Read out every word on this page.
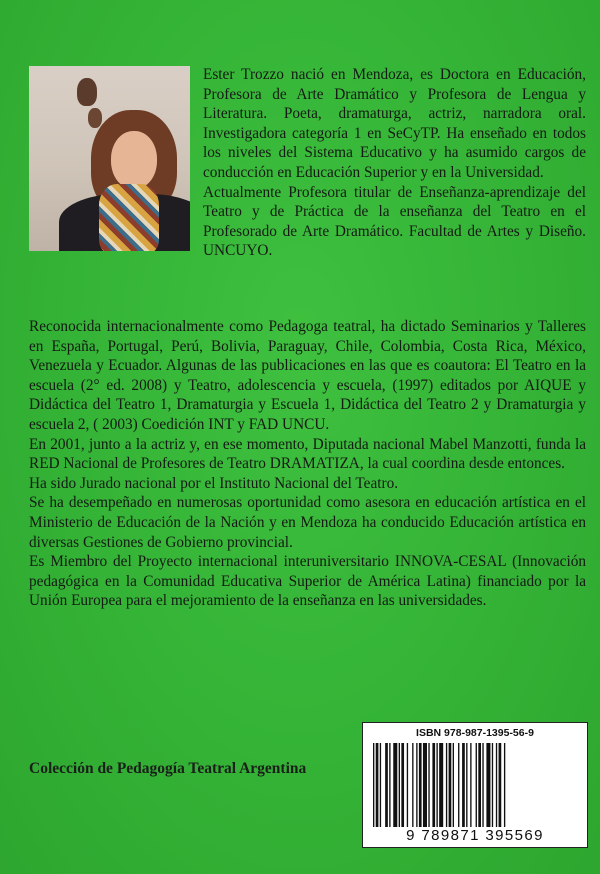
Ester Trozzo nació en Mendoza, es Doctora en Educación, Profesora de Arte Dramático y Profesora de Lengua y Literatura. Poeta, dramaturga, actriz, narradora oral. Investigadora categoría 1 en SeCyTP. Ha enseñado en todos los niveles del Sistema Educativo y ha asumido cargos de conducción en Educación Superior y en la Universidad.

Actualmente Profesora titular de Enseñanza-aprendizaje del Teatro y de Práctica de la enseñanza del Teatro en el Profesorado de Arte Dramático. Facultad de Artes y Diseño. UNCUYO.

Reconocida internacionalmente como Pedagoga teatral, ha dictado Seminarios y Talleres en España, Portugal, Perú, Bolivia, Paraguay, Chile, Colombia, Costa Rica, México, Venezuela y Ecuador. Algunas de las publicaciones en las que es coautora: El Teatro en la escuela (2° ed. 2008) y Teatro, adolescencia y escuela, (1997) editados por AIQUE y Didáctica del Teatro 1, Dramaturgia y Escuela 1, Didáctica del Teatro 2 y Dramaturgia y escuela 2, ( 2003) Coedición INT y FAD UNCU.

En 2001, junto a la actriz y, en ese momento, Diputada nacional Mabel Manzotti, funda la RED Nacional de Profesores de Teatro DRAMATIZA, la cual coordina desde entonces.

Ha sido Jurado nacional por el Instituto Nacional del Teatro.

Se ha desempeñado en numerosas oportunidad como asesora en educación artística en el Ministerio de Educación de la Nación y en Mendoza ha conducido Educación artística en diversas Gestiones de Gobierno provincial.

Es Miembro del Proyecto internacional interuniversitario INNOVA-CESAL (Innovación pedagógica en la Comunidad Educativa Superior de América Latina) financiado por la Unión Europea para el mejoramiento de la enseñanza en las universidades.

Colección de Pedagogía Teatral Argentina
ISBN 978-987-1395-56-9
9 789871 395569
